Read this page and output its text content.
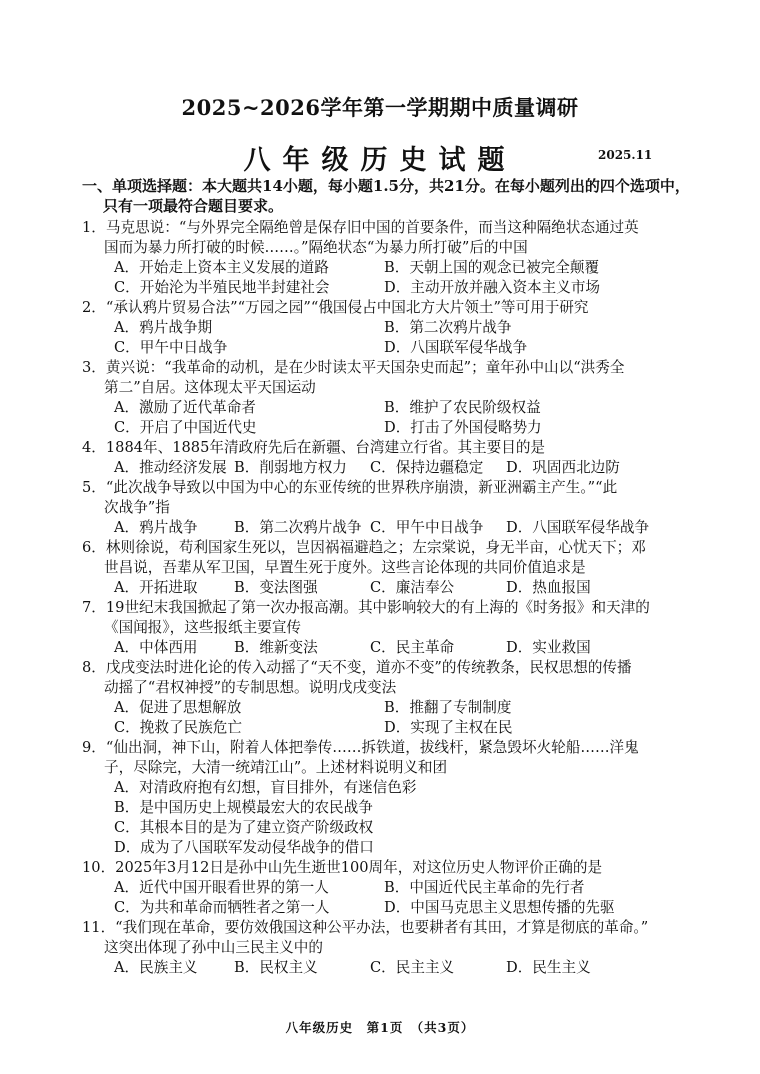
2025~2026学年第一学期期中质量调研
八年级历史试题	2025.11
一、单项选择题：本大题共14小题，每小题1.5分，共21分。在每小题列出的四个选项中，
只有一项最符合题目要求。
1．马克思说：“与外界完全隔绝曾是保存旧中国的首要条件，而当这种隔绝状态通过英
国而为暴力所打破的时候……。”隔绝状态“为暴力所打破”后的中国
A．开始走上资本主义发展的道路	B．天朝上国的观念已被完全颠覆
C．开始沦为半殖民地半封建社会	D．主动开放并融入资本主义市场
2．“承认鸦片贸易合法”“万园之园”“俄国侵占中国北方大片领土”等可用于研究
A．鸦片战争期	B．第二次鸦片战争
C．甲午中日战争	D．八国联军侵华战争
3．黄兴说：“我革命的动机，是在少时读太平天国杂史而起”；童年孙中山以“洪秀全
第二”自居。这体现太平天国运动
A．激励了近代革命者	B．维护了农民阶级权益
C．开启了中国近代史	D．打击了外国侵略势力
4．1884年、1885年清政府先后在新疆、台湾建立行省。其主要目的是
A．推动经济发展 B．削弱地方权力	C．保持边疆稳定	D．巩固西北边防
5．“此次战争导致以中国为中心的东亚传统的世界秩序崩溃，新亚洲霸主产生。”“此
次战争”指
A．鸦片战争	B．第二次鸦片战争 C．甲午中日战争	D．八国联军侵华战争
6．林则徐说，苟利国家生死以，岂因祸福避趋之；左宗棠说，身无半亩，心忧天下；邓
世昌说，吾辈从军卫国，早置生死于度外。这些言论体现的共同价值追求是
A．开拓进取	B．变法图强	C．廉洁奉公	D．热血报国
7．19世纪末我国掀起了第一次办报高潮。其中影响较大的有上海的《时务报》和天津的
《国闻报》，这些报纸主要宣传
A．中体西用	B．维新变法	C．民主革命	D．实业救国
8．戊戌变法时进化论的传入动摇了“天不变，道亦不变”的传统教条，民权思想的传播
动摇了“君权神授”的专制思想。说明戊戌变法
A．促进了思想解放	B．推翻了专制制度
C．挽救了民族危亡	D．实现了主权在民
9．“仙出洞，神下山，附着人体把拳传……拆铁道，拔线杆，紧急毁坏火轮船……洋鬼
子，尽除完，大清一统靖江山”。上述材料说明义和团
A．对清政府抱有幻想，盲目排外，有迷信色彩
B．是中国历史上规模最宏大的农民战争
C．其根本目的是为了建立资产阶级政权
D．成为了八国联军发动侵华战争的借口
10．2025年3月12日是孙中山先生逝世100周年，对这位历史人物评价正确的是
A．近代中国开眼看世界的第一人	B．中国近代民主革命的先行者
C．为共和革命而牺牲者之第一人	D．中国马克思主义思想传播的先驱
11．“我们现在革命，要仿效俄国这种公平办法，也要耕者有其田，才算是彻底的革命。”
这突出体现了孙中山三民主义中的
A．民族主义	B．民权主义	C．民主主义	D．民生主义
八年级历史　第1页　（共3页）
